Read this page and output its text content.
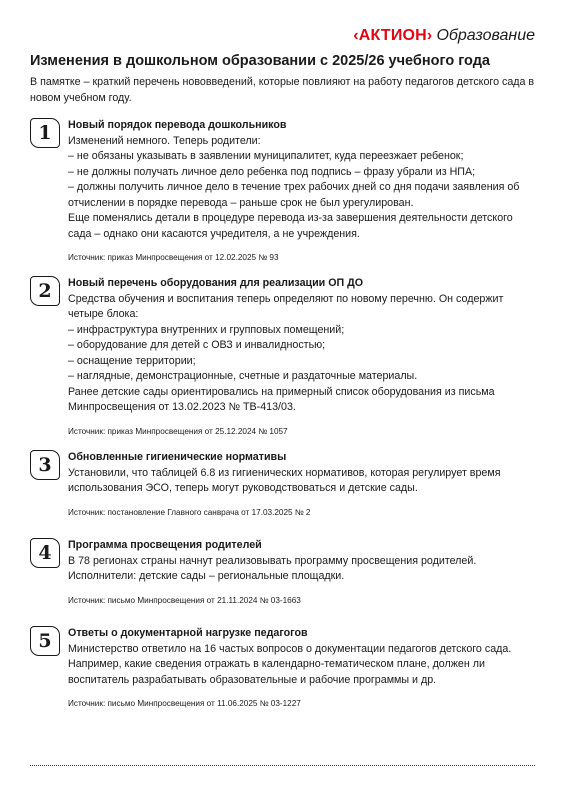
‹АКТИОН› Образование
Изменения в дошкольном образовании с 2025/26 учебного года
В памятке – краткий перечень нововведений, которые повлияют на работу педагогов детского сада в новом учебном году.
1	Новый порядок перевода дошкольников
Изменений немного. Теперь родители:
– не обязаны указывать в заявлении муниципалитет, куда переезжает ребенок;
– не должны получать личное дело ребенка под подпись – фразу убрали из НПА;
– должны получить личное дело в течение трех рабочих дней со дня подачи заявления об
отчислении в порядке перевода – раньше срок не был урегулирован.
Еще поменялись детали в процедуре перевода из-за завершения деятельности детского
сада – однако они касаются учредителя, а не учреждения.
Источник: приказ Минпросвещения от 12.02.2025 № 93
2	Новый перечень оборудования для реализации ОП ДО
Средства обучения и воспитания теперь определяют по новому перечню. Он содержит
четыре блока:
– инфраструктура внутренних и групповых помещений;
– оборудование для детей с ОВЗ и инвалидностью;
– оснащение территории;
– наглядные, демонстрационные, счетные и раздаточные материалы.
Ранее детские сады ориентировались на примерный список оборудования из письма
Минпросвещения от 13.02.2023 № ТВ-413/03.
Источник: приказ Минпросвещения от 25.12.2024 № 1057
3	Обновленные гигиенические нормативы
Установили, что таблицей 6.8 из гигиенических нормативов, которая регулирует время
использования ЭСО, теперь могут руководствоваться и детские сады.
Источник: постановление Главного санврача от 17.03.2025 № 2
4	Программа просвещения родителей
В 78 регионах страны начнут реализовывать программу просвещения родителей.
Исполнители: детские сады – региональные площадки.
Источник: письмо Минпросвещения от 21.11.2024 № 03-1663
5	Ответы о документарной нагрузке педагогов
Министерство ответило на 16 частых вопросов о документации педагогов детского сада.
Например, какие сведения отражать в календарно-тематическом плане, должен ли
воспитатель разрабатывать образовательные и рабочие программы и др.
Источник: письмо Минпросвещения от 11.06.2025 № 03-1227
